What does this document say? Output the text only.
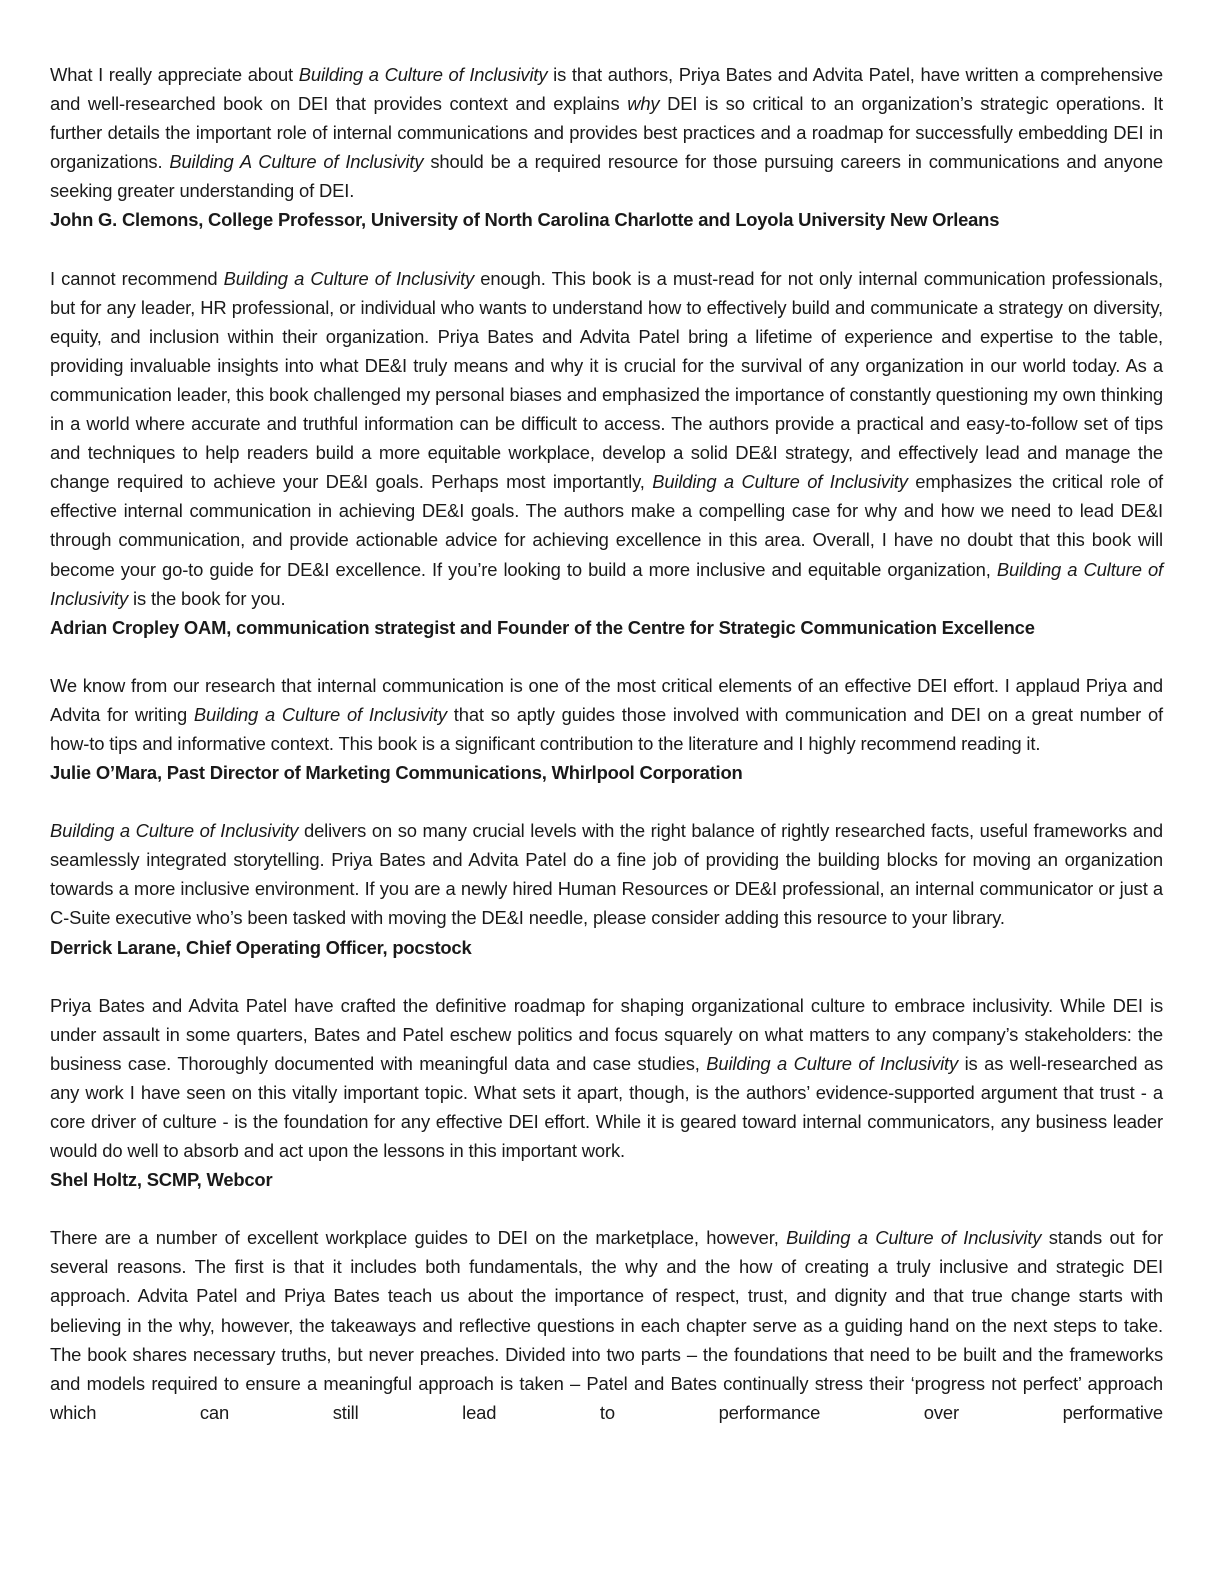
What I really appreciate about Building a Culture of Inclusivity is that authors, Priya Bates and Advita Patel, have written a comprehensive and well-researched book on DEI that provides context and explains why DEI is so critical to an organization’s strategic operations. It further details the important role of internal communications and provides best practices and a roadmap for successfully embedding DEI in organizations. Building A Culture of Inclusivity should be a required resource for those pursuing careers in communications and anyone seeking greater understanding of DEI.

John G. Clemons, College Professor, University of North Carolina Charlotte and Loyola University New Orleans

I cannot recommend Building a Culture of Inclusivity enough. This book is a must-read for not only internal communication professionals, but for any leader, HR professional, or individual who wants to understand how to effectively build and communicate a strategy on diversity, equity, and inclusion within their organization. Priya Bates and Advita Patel bring a lifetime of experience and expertise to the table, providing invaluable insights into what DE&I truly means and why it is crucial for the survival of any organization in our world today. As a communication leader, this book challenged my personal biases and emphasized the importance of constantly questioning my own thinking in a world where accurate and truthful information can be difficult to access. The authors provide a practical and easy-to-follow set of tips and techniques to help readers build a more equitable workplace, develop a solid DE&I strategy, and effectively lead and manage the change required to achieve your DE&I goals. Perhaps most importantly, Building a Culture of Inclusivity emphasizes the critical role of effective internal communication in achieving DE&I goals. The authors make a compelling case for why and how we need to lead DE&I through communication, and provide actionable advice for achieving excellence in this area. Overall, I have no doubt that this book will become your go-to guide for DE&I excellence. If you’re looking to build a more inclusive and equitable organization, Building a Culture of Inclusivity is the book for you.

Adrian Cropley OAM, communication strategist and Founder of the Centre for Strategic Communication Excellence

We know from our research that internal communication is one of the most critical elements of an effective DEI effort. I applaud Priya and Advita for writing Building a Culture of Inclusivity that so aptly guides those involved with communication and DEI on a great number of how-to tips and informative context. This book is a significant contribution to the literature and I highly recommend reading it.

Julie O’Mara, Past Director of Marketing Communications, Whirlpool Corporation

Building a Culture of Inclusivity delivers on so many crucial levels with the right balance of rightly researched facts, useful frameworks and seamlessly integrated storytelling. Priya Bates and Advita Patel do a fine job of providing the building blocks for moving an organization towards a more inclusive environment. If you are a newly hired Human Resources or DE&I professional, an internal communicator or just a C-Suite executive who’s been tasked with moving the DE&I needle, please consider adding this resource to your library.

Derrick Larane, Chief Operating Officer, pocstock

Priya Bates and Advita Patel have crafted the definitive roadmap for shaping organizational culture to embrace inclusivity. While DEI is under assault in some quarters, Bates and Patel eschew politics and focus squarely on what matters to any company’s stakeholders: the business case. Thoroughly documented with meaningful data and case studies, Building a Culture of Inclusivity is as well-researched as any work I have seen on this vitally important topic. What sets it apart, though, is the authors’ evidence-supported argument that trust - a core driver of culture - is the foundation for any effective DEI effort. While it is geared toward internal communicators, any business leader would do well to absorb and act upon the lessons in this important work.

Shel Holtz, SCMP, Webcor

There are a number of excellent workplace guides to DEI on the marketplace, however, Building a Culture of Inclusivity stands out for several reasons. The first is that it includes both fundamentals, the why and the how of creating a truly inclusive and strategic DEI approach. Advita Patel and Priya Bates teach us about the importance of respect, trust, and dignity and that true change starts with believing in the why, however, the takeaways and reflective questions in each chapter serve as a guiding hand on the next steps to take. The book shares necessary truths, but never preaches. Divided into two parts – the foundations that need to be built and the frameworks and models required to ensure a meaningful approach is taken – Patel and Bates continually stress their ‘progress not perfect’ approach which can still lead to performance over performative
